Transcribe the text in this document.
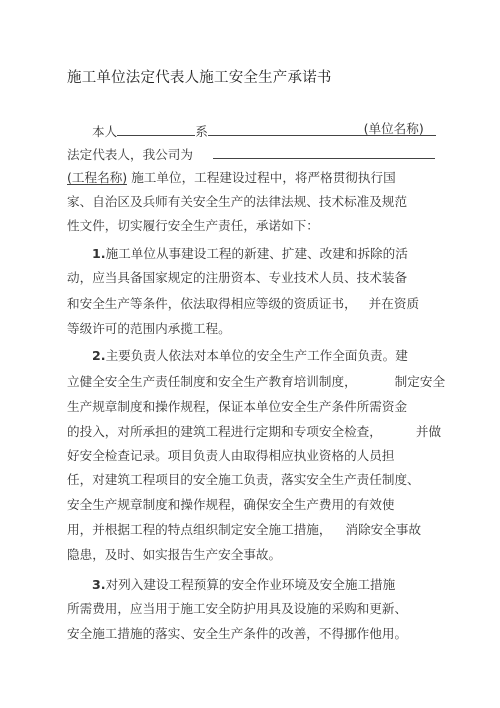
施工单位法定代表人施工安全生产承诺书
本人	系	(单位名称)
法定代表人，我公司为
(工程名称) 施工单位，工程建设过程中，将严格贯彻执行国
家、自治区及兵师有关安全生产的法律法规、技术标准及规范
性文件，切实履行安全生产责任，承诺如下：
1.施工单位从事建设工程的新建、扩建、改建和拆除的活
动，应当具备国家规定的注册资本、专业技术人员、技术装备
和安全生产等条件，依法取得相应等级的资质证书， 并在资质
等级许可的范围内承揽工程。
2.主要负责人依法对本单位的安全生产工作全面负责。建
立健全安全生产责任制度和安全生产教育培训制度，	制定安全
生产规章制度和操作规程，保证本单位安全生产条件所需资金
的投入，对所承担的建筑工程进行定期和专项安全检查，	并做
好安全检查记录。项目负责人由取得相应执业资格的人员担
任，对建筑工程项目的安全施工负责，落实安全生产责任制度、
安全生产规章制度和操作规程，确保安全生产费用的有效使
用，并根据工程的特点组织制定安全施工措施， 消除安全事故
隐患，及时、如实报告生产安全事故。
3.对列入建设工程预算的安全作业环境及安全施工措施
所需费用，应当用于施工安全防护用具及设施的采购和更新、
安全施工措施的落实、安全生产条件的改善，不得挪作他用。
